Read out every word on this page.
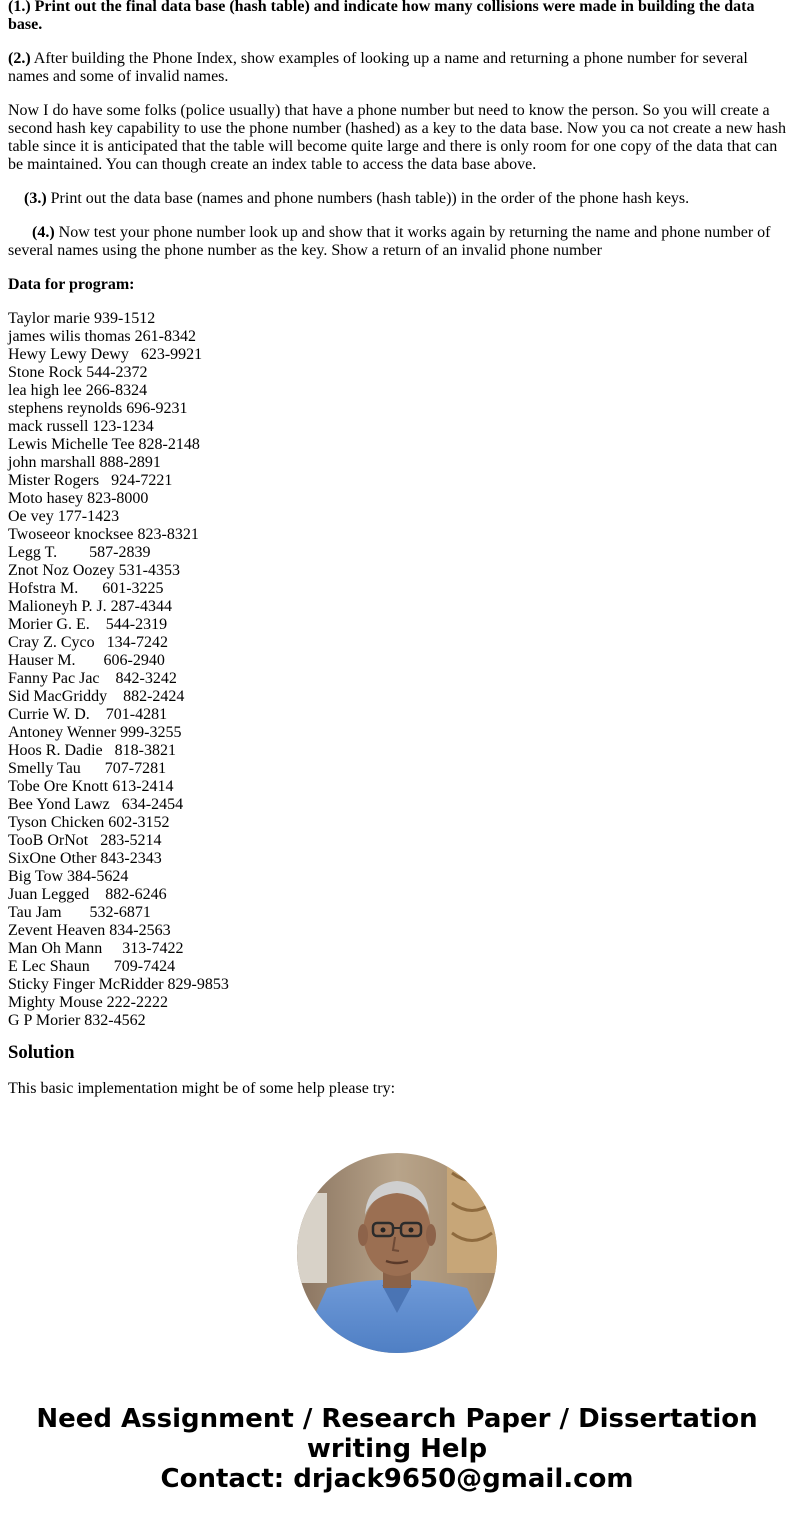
(1.) Print out the final data base (hash table) and indicate how many collisions were made in building the data base.

(2.) After building the Phone Index, show examples of looking up a name and returning a phone number for several names and some of invalid names.

Now I do have some folks (police usually) that have a phone number but need to know the person. So you will create a second hash key capability to use the phone number (hashed) as a key to the data base. Now you ca not create a new hash table since it is anticipated that the table will become quite large and there is only room for one copy of the data that can be maintained. You can though create an index table to access the data base above.

(3.) Print out the data base (names and phone numbers (hash table)) in the order of the phone hash keys.

(4.) Now test your phone number look up and show that it works again by returning the name and phone number of several names using the phone number as the key. Show a return of an invalid phone number

Data for program:

Taylor marie 939-1512
james wilis thomas 261-8342
Hewy Lewy Dewy   623-9921
Stone Rock 544-2372
lea high lee 266-8324
stephens reynolds 696-9231
mack russell 123-1234
Lewis Michelle Tee 828-2148
john marshall 888-2891
Mister Rogers   924-7221
Moto hasey 823-8000
Oe vey 177-1423
Twoseeor knocksee 823-8321
Legg T.        587-2839
Znot Noz Oozey 531-4353
Hofstra M.      601-3225
Malioneyh P. J. 287-4344
Morier G. E.    544-2319
Cray Z. Cyco   134-7242
Hauser M.       606-2940
Fanny Pac Jac    842-3242
Sid MacGriddy    882-2424
Currie W. D.    701-4281
Antoney Wenner 999-3255
Hoos R. Dadie   818-3821
Smelly Tau      707-7281
Tobe Ore Knott 613-2414
Bee Yond Lawz   634-2454
Tyson Chicken 602-3152
TooB OrNot   283-5214
SixOne Other 843-2343
Big Tow 384-5624
Juan Legged    882-6246
Tau Jam       532-6871
Zevent Heaven 834-2563
Man Oh Mann     313-7422
E Lec Shaun      709-7424
Sticky Finger McRidder 829-9853
Mighty Mouse 222-2222
G P Morier 832-4562
Solution

This basic implementation might be of some help please try:

Need Assignment / Research Paper / Dissertation
writing Help
Contact: drjack9650@gmail.com
